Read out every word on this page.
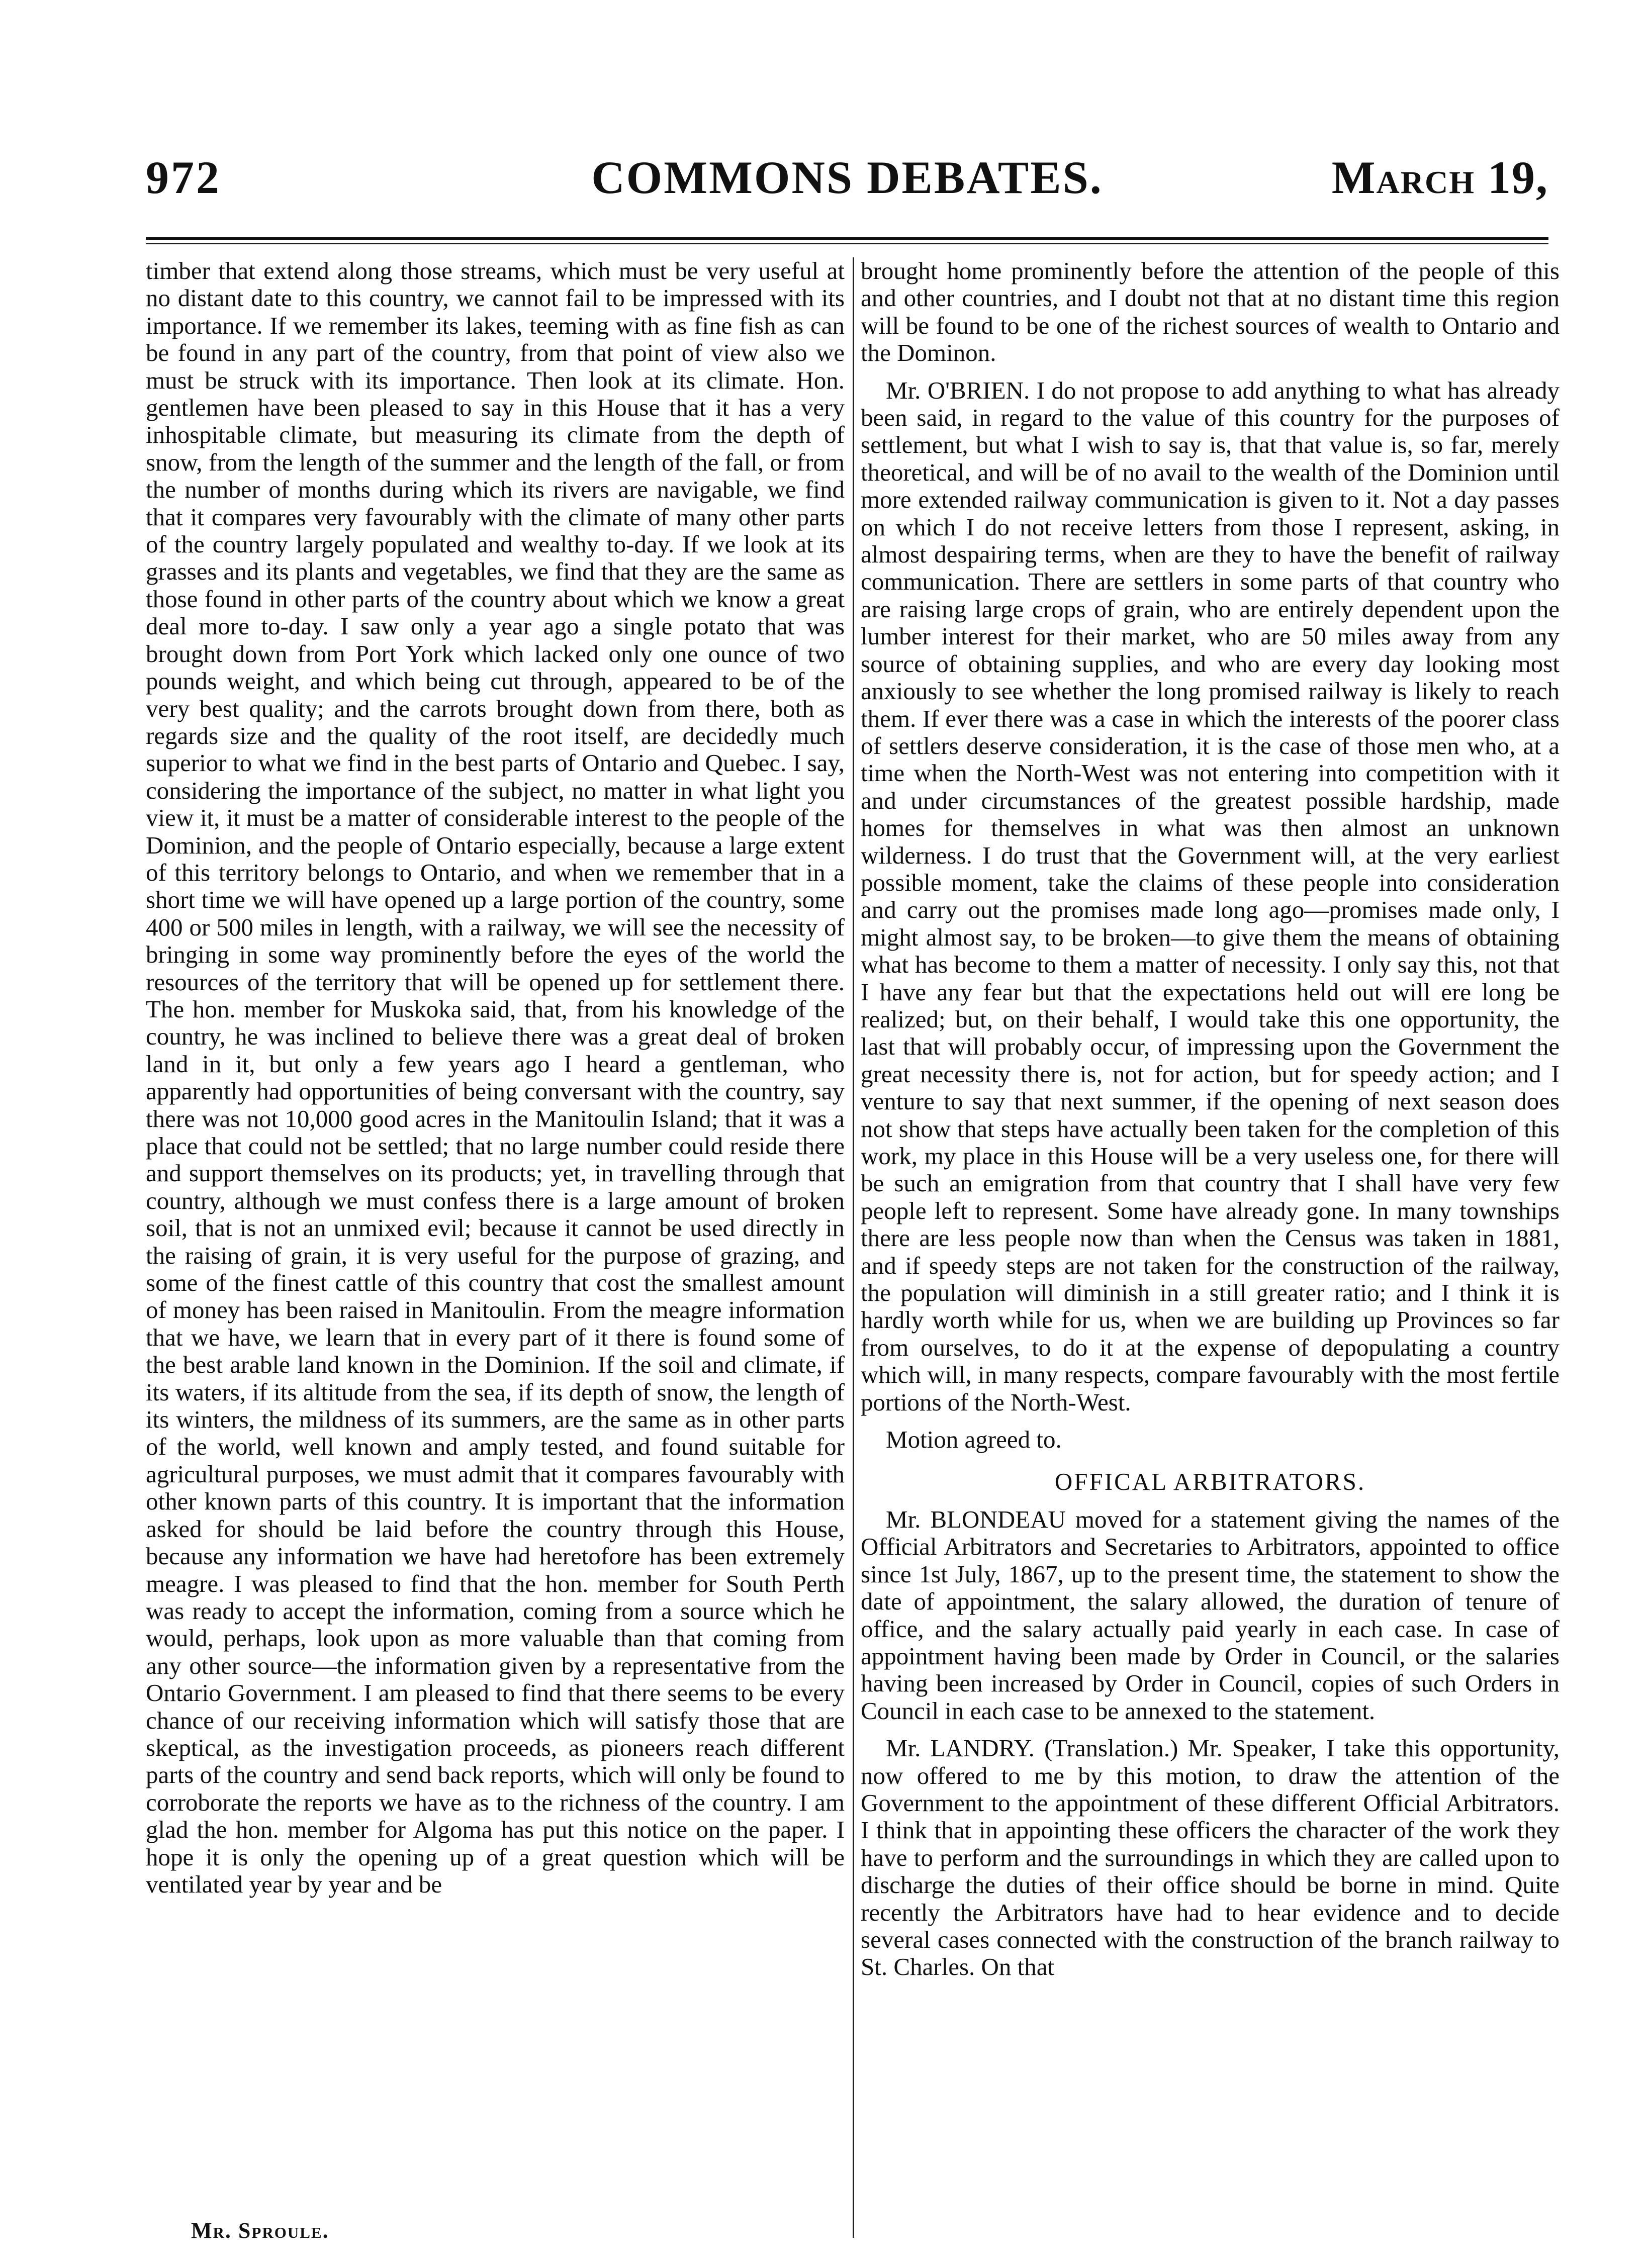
972	COMMONS DEBATES.	March 19,

timber that extend along those streams, which must be very useful at no distant date to this country, we cannot fail to be impressed with its importance. If we remember its lakes, teeming with as fine fish as can be found in any part of the country, from that point of view also we must be struck with its importance. Then look at its climate. Hon. gentlemen have been pleased to say in this House that it has a very inhospitable climate, but measuring its climate from the depth of snow, from the length of the summer and the length of the fall, or from the number of months during which its rivers are navigable, we find that it compares very favourably with the climate of many other parts of the country largely populated and wealthy to-day. If we look at its grasses and its plants and vegetables, we find that they are the same as those found in other parts of the country about which we know a great deal more to-day. I saw only a year ago a single potato that was brought down from Port York which lacked only one ounce of two pounds weight, and which being cut through, appeared to be of the very best quality; and the carrots brought down from there, both as regards size and the quality of the root itself, are decidedly much superior to what we find in the best parts of Ontario and Quebec. I say, considering the importance of the subject, no matter in what light you view it, it must be a matter of considerable interest to the people of the Dominion, and the people of Ontario especially, because a large extent of this territory belongs to Ontario, and when we remember that in a short time we will have opened up a large portion of the country, some 400 or 500 miles in length, with a railway, we will see the necessity of bringing in some way prominently before the eyes of the world the resources of the territory that will be opened up for settlement there. The hon. member for Muskoka said, that, from his knowledge of the country, he was inclined to believe there was a great deal of broken land in it, but only a few years ago I heard a gentleman, who apparently had opportunities of being conversant with the country, say there was not 10,000 good acres in the Manitoulin Island; that it was a place that could not be settled; that no large number could reside there and support themselves on its products; yet, in travelling through that country, although we must confess there is a large amount of broken soil, that is not an unmixed evil; because it cannot be used directly in the raising of grain, it is very useful for the purpose of grazing, and some of the finest cattle of this country that cost the smallest amount of money has been raised in Manitoulin. From the meagre information that we have, we learn that in every part of it there is found some of the best arable land known in the Dominion. If the soil and climate, if its waters, if its altitude from the sea, if its depth of snow, the length of its winters, the mildness of its summers, are the same as in other parts of the world, well known and amply tested, and found suitable for agricultural purposes, we must admit that it compares favourably with other known parts of this country. It is important that the information asked for should be laid before the country through this House, because any information we have had heretofore has been extremely meagre. I was pleased to find that the hon. member for South Perth was ready to accept the information, coming from a source which he would, perhaps, look upon as more valuable than that coming from any other source—the information given by a representative from the Ontario Government. I am pleased to find that there seems to be every chance of our receiving information which will satisfy those that are skeptical, as the investigation proceeds, as pioneers reach different parts of the country and send back reports, which will only be found to corroborate the reports we have as to the richness of the country. I am glad the hon. member for Algoma has put this notice on the paper. I hope it is only the opening up of a great question which will be ventilated year by year and be

brought home prominently before the attention of the people of this and other countries, and I doubt not that at no distant time this region will be found to be one of the richest sources of wealth to Ontario and the Dominon.

Mr. O'BRIEN. I do not propose to add anything to what has already been said, in regard to the value of this country for the purposes of settlement, but what I wish to say is, that that value is, so far, merely theoretical, and will be of no avail to the wealth of the Dominion until more extended railway communication is given to it. Not a day passes on which I do not receive letters from those I represent, asking, in almost despairing terms, when are they to have the benefit of railway communication. There are settlers in some parts of that country who are raising large crops of grain, who are entirely dependent upon the lumber interest for their market, who are 50 miles away from any source of obtaining supplies, and who are every day looking most anxiously to see whether the long promised railway is likely to reach them. If ever there was a case in which the interests of the poorer class of settlers deserve consideration, it is the case of those men who, at a time when the North-West was not entering into competition with it and under circumstances of the greatest possible hardship, made homes for themselves in what was then almost an unknown wilderness. I do trust that the Government will, at the very earliest possible moment, take the claims of these people into consideration and carry out the promises made long ago—promises made only, I might almost say, to be broken—to give them the means of obtaining what has become to them a matter of necessity. I only say this, not that I have any fear but that the expectations held out will ere long be realized; but, on their behalf, I would take this one opportunity, the last that will probably occur, of impressing upon the Government the great necessity there is, not for action, but for speedy action; and I venture to say that next summer, if the opening of next season does not show that steps have actually been taken for the completion of this work, my place in this House will be a very useless one, for there will be such an emigration from that country that I shall have very few people left to represent. Some have already gone. In many townships there are less people now than when the Census was taken in 1881, and if speedy steps are not taken for the construction of the railway, the population will diminish in a still greater ratio; and I think it is hardly worth while for us, when we are building up Provinces so far from ourselves, to do it at the expense of depopulating a country which will, in many respects, compare favourably with the most fertile portions of the North-West.

Motion agreed to.

OFFICAL ARBITRATORS.

Mr. BLONDEAU moved for a statement giving the names of the Official Arbitrators and Secretaries to Arbitrators, appointed to office since 1st July, 1867, up to the present time, the statement to show the date of appointment, the salary allowed, the duration of tenure of office, and the salary actually paid yearly in each case. In case of appointment having been made by Order in Council, or the salaries having been increased by Order in Council, copies of such Orders in Council in each case to be annexed to the statement.

Mr. LANDRY. (Translation.) Mr. Speaker, I take this opportunity, now offered to me by this motion, to draw the attention of the Government to the appointment of these different Official Arbitrators. I think that in appointing these officers the character of the work they have to perform and the surroundings in which they are called upon to discharge the duties of their office should be borne in mind. Quite recently the Arbitrators have had to hear evidence and to decide several cases connected with the construction of the branch railway to St. Charles. On that

Mr. Sproule.
